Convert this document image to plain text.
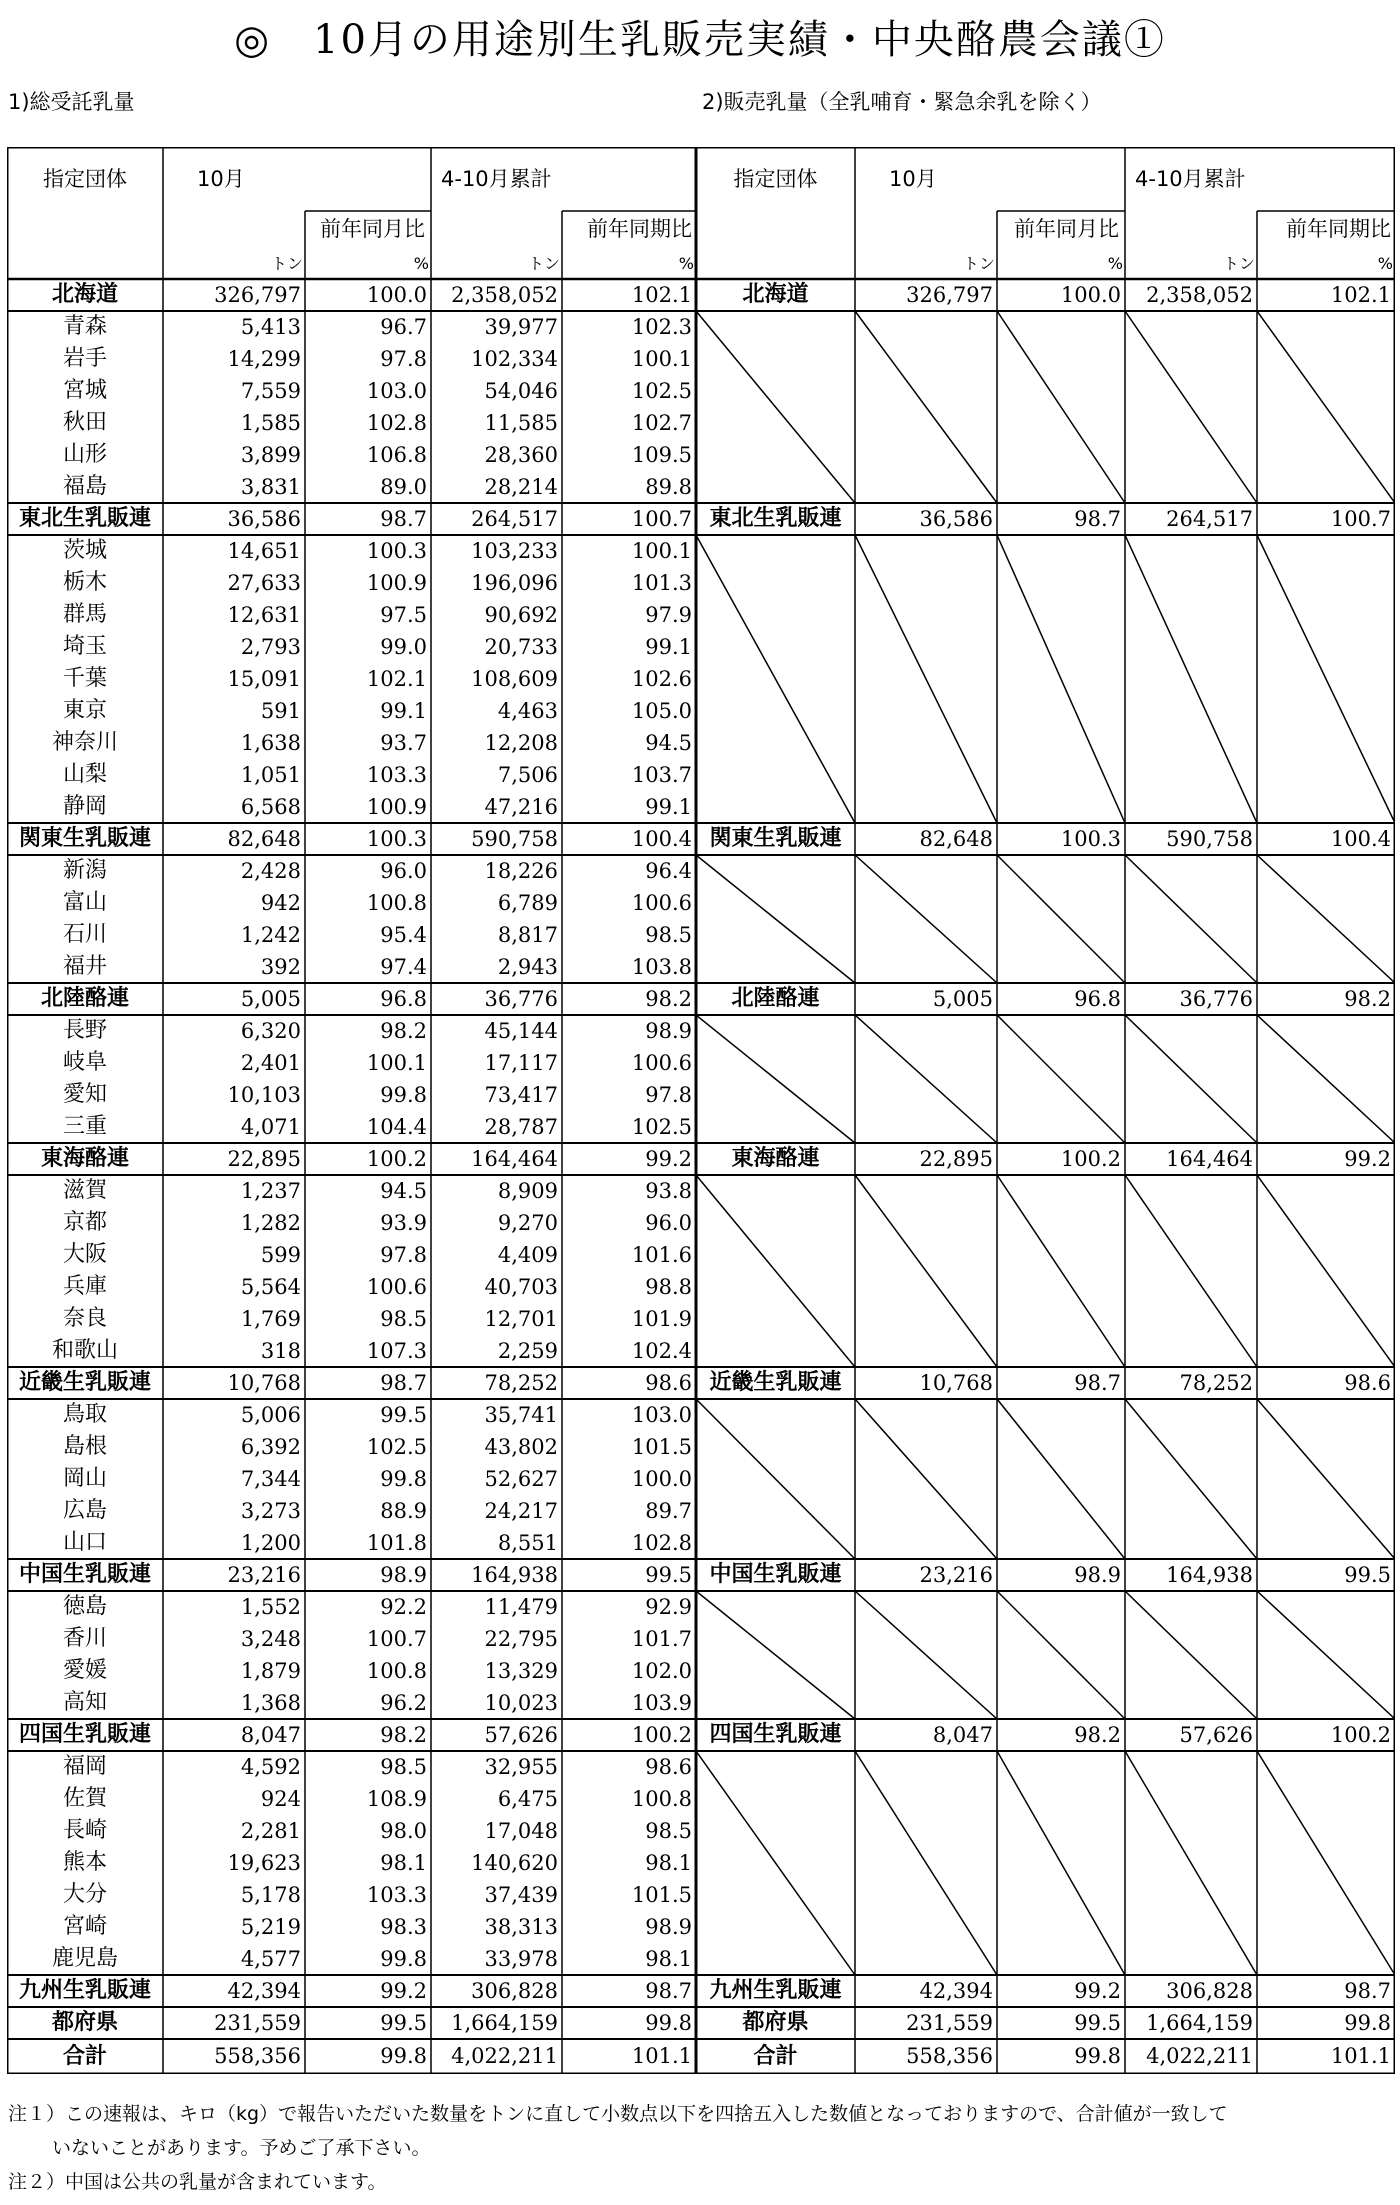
◎　10月の用途別生乳販売実績・中央酪農会議①
1)総受託乳量	2)販売乳量（全乳哺育・緊急余乳を除く）
指定団体	10月	4-10月累計
前年同月比	前年同期比
トン	%	トン	%
指定団体	10月	4-10月累計
前年同月比	前年同期比
トン	%	トン	%
北海道	326,797	100.0	2,358,052	102.1	北海道	326,797	100.0	2,358,052	102.1
青森	5,413	96.7	39,977	102.3
岩手	14,299	97.8	102,334	100.1
宮城	7,559	103.0	54,046	102.5
秋田	1,585	102.8	11,585	102.7
山形	3,899	106.8	28,360	109.5
福島	3,831	89.0	28,214	89.8
東北生乳販連	36,586	98.7	264,517	100.7 東北生乳販連	36,586	98.7	264,517	100.7
茨城	14,651	100.3	103,233	100.1
栃木	27,633	100.9	196,096	101.3
群馬	12,631	97.5	90,692	97.9
埼玉	2,793	99.0	20,733	99.1
千葉	15,091	102.1	108,609	102.6
東京	591	99.1	4,463	105.0
神奈川	1,638	93.7	12,208	94.5
山梨	1,051	103.3	7,506	103.7
静岡	6,568	100.9	47,216	99.1
関東生乳販連	82,648	100.3	590,758	100.4 関東生乳販連	82,648	100.3	590,758	100.4
新潟	2,428	96.0	18,226	96.4
富山	942	100.8	6,789	100.6
石川	1,242	95.4	8,817	98.5
福井	392	97.4	2,943	103.8
北陸酪連	5,005	96.8	36,776	98.2	北陸酪連	5,005	96.8	36,776	98.2
長野	6,320	98.2	45,144	98.9
岐阜	2,401	100.1	17,117	100.6
愛知	10,103	99.8	73,417	97.8
三重	4,071	104.4	28,787	102.5
東海酪連	22,895	100.2	164,464	99.2	東海酪連	22,895	100.2	164,464	99.2
滋賀	1,237	94.5	8,909	93.8
京都	1,282	93.9	9,270	96.0
大阪	599	97.8	4,409	101.6
兵庫	5,564	100.6	40,703	98.8
奈良	1,769	98.5	12,701	101.9
和歌山	318	107.3	2,259	102.4
近畿生乳販連	10,768	98.7	78,252	98.6 近畿生乳販連	10,768	98.7	78,252	98.6
鳥取	5,006	99.5	35,741	103.0
島根	6,392	102.5	43,802	101.5
岡山	7,344	99.8	52,627	100.0
広島	3,273	88.9	24,217	89.7
山口	1,200	101.8	8,551	102.8
中国生乳販連	23,216	98.9	164,938	99.5 中国生乳販連	23,216	98.9	164,938	99.5
徳島	1,552	92.2	11,479	92.9
香川	3,248	100.7	22,795	101.7
愛媛	1,879	100.8	13,329	102.0
高知	1,368	96.2	10,023	103.9
四国生乳販連	8,047	98.2	57,626	100.2 四国生乳販連	8,047	98.2	57,626	100.2
福岡	4,592	98.5	32,955	98.6
佐賀	924	108.9	6,475	100.8
長崎	2,281	98.0	17,048	98.5
熊本	19,623	98.1	140,620	98.1
大分	5,178	103.3	37,439	101.5
宮崎	5,219	98.3	38,313	98.9
鹿児島	4,577	99.8	33,978	98.1
九州生乳販連	42,394	99.2	306,828	98.7 九州生乳販連	42,394	99.2	306,828	98.7
都府県	231,559	99.5	1,664,159	99.8	都府県	231,559	99.5	1,664,159	99.8
合計	558,356	99.8	4,022,211	101.1	合計	558,356	99.8	4,022,211	101.1
注１）この速報は、キロ（kg）で報告いただいた数量をトンに直して小数点以下を四捨五入した数値となっておりますので、合計値が一致して
いないことがあります。予めご了承下さい。
注２）中国は公共の乳量が含まれています。
